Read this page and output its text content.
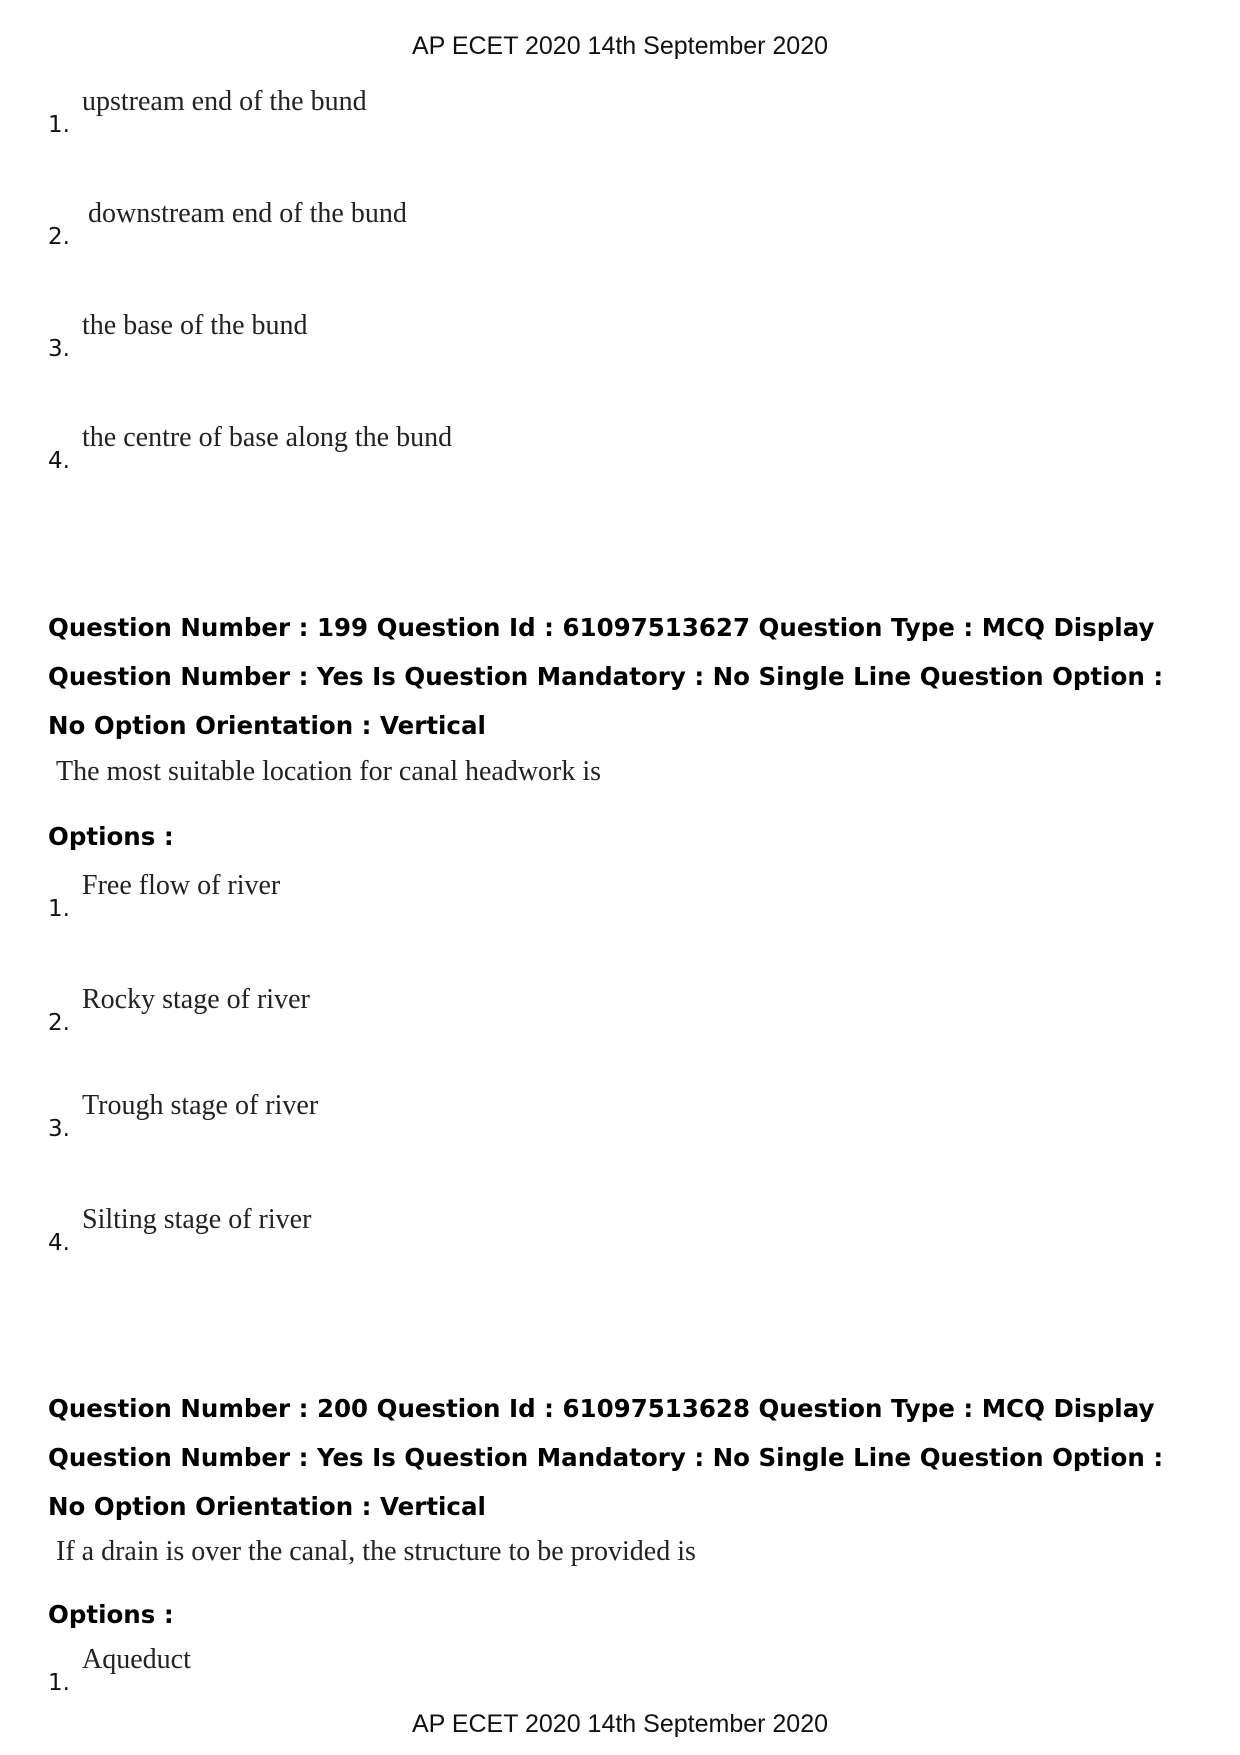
AP ECET 2020 14th September 2020
1.
upstream end of the bund
2.
downstream end of the bund
3.
the base of the bund
4.
the centre of base along the bund
Question Number : 199 Question Id : 61097513627 Question Type : MCQ Display Question Number : Yes Is Question Mandatory : No Single Line Question Option : No Option Orientation : Vertical
The most suitable location for canal headwork is
Options :
1.
Free flow of river
2.
Rocky stage of river
3.
Trough stage of river
4.
Silting stage of river
Question Number : 200 Question Id : 61097513628 Question Type : MCQ Display Question Number : Yes Is Question Mandatory : No Single Line Question Option : No Option Orientation : Vertical
If a drain is over the canal, the structure to be provided is
Options :
1.
Aqueduct
AP ECET 2020 14th September 2020
